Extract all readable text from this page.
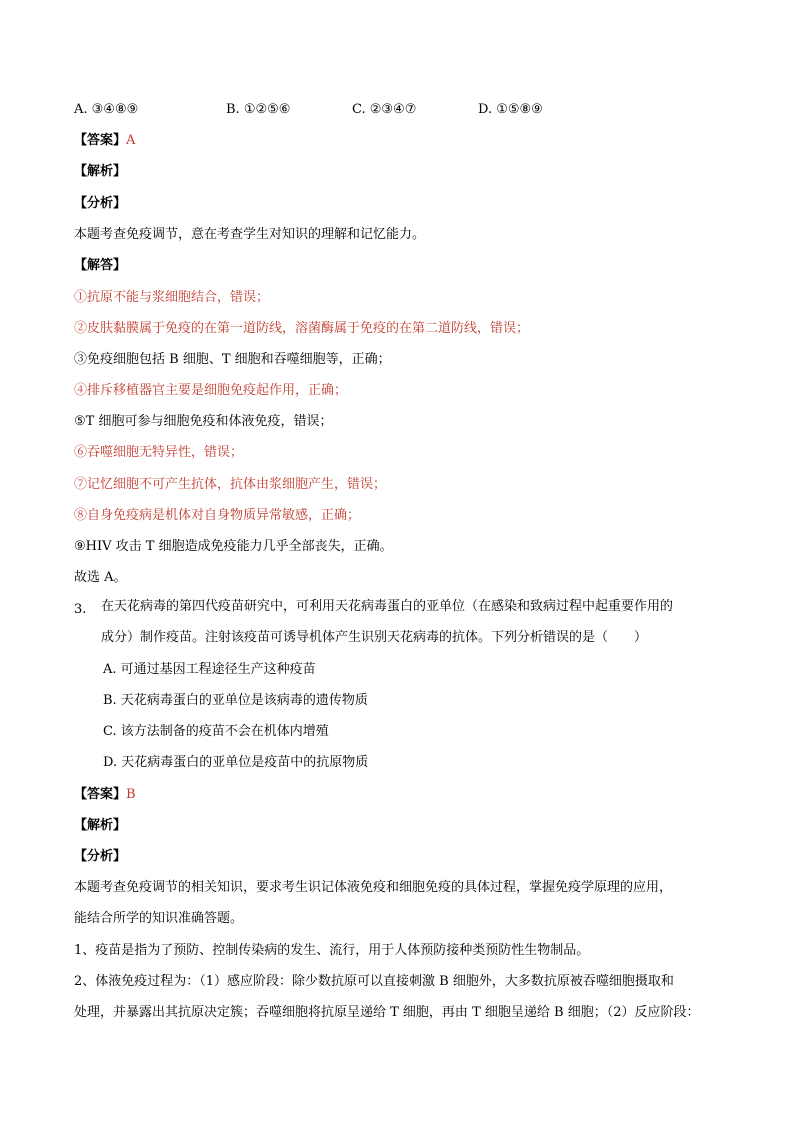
A. ③④⑧⑨	B. ①②⑤⑥	C. ②③④⑦	D. ①⑤⑧⑨
【答案】A
【解析】
【分析】
本题考查免疫调节，意在考查学生对知识的理解和记忆能力。
【解答】
①抗原不能与浆细胞结合，错误；
②皮肤黏膜属于免疫的在第一道防线，溶菌酶属于免疫的在第二道防线，错误；
③免疫细胞包括 B 细胞、T 细胞和吞噬细胞等，正确；
④排斥移植器官主要是细胞免疫起作用，正确；
⑤T 细胞可参与细胞免疫和体液免疫，错误；
⑥吞噬细胞无特异性，错误；
⑦记忆细胞不可产生抗体，抗体由浆细胞产生，错误；
⑧自身免疫病是机体对自身物质异常敏感，正确；
⑨HIV 攻击 T 细胞造成免疫能力几乎全部丧失，正确。
故选 A。
3. 在天花病毒的第四代疫苗研究中，可利用天花病毒蛋白的亚单位（在感染和致病过程中起重要作用的
成分）制作疫苗。注射该疫苗可诱导机体产生识别天花病毒的抗体。下列分析错误的是（　　）
A. 可通过基因工程途径生产这种疫苗
B. 天花病毒蛋白的亚单位是该病毒的遗传物质
C. 该方法制备的疫苗不会在机体内增殖
D. 天花病毒蛋白的亚单位是疫苗中的抗原物质
【答案】B
【解析】
【分析】
本题考查免疫调节的相关知识，要求考生识记体液免疫和细胞免疫的具体过程，掌握免疫学原理的应用，
能结合所学的知识准确答题。
1、疫苗是指为了预防、控制传染病的发生、流行，用于人体预防接种类预防性生物制品。
2、体液免疫过程为：（1）感应阶段：除少数抗原可以直接刺激 B 细胞外，大多数抗原被吞噬细胞摄取和
处理，并暴露出其抗原决定簇；吞噬细胞将抗原呈递给 T 细胞，再由 T 细胞呈递给 B 细胞；（2）反应阶段：
